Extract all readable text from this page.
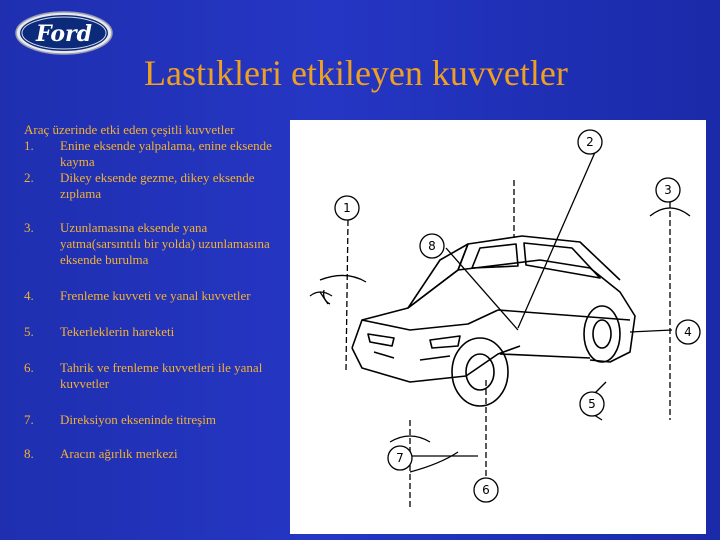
Ford
Lastıkleri etkileyen kuvvetler

Araç üzerinde etki eden çeşitli kuvvetler

1. Enine eksende yalpalama, enine eksende kayma
2. Dikey eksende gezme, dikey eksende zıplama
3. Uzunlamasına eksende yana yatma(sarsıntılı bir yolda) uzunlamasına eksende burulma
4. Frenleme kuvveti ve yanal kuvvetler
5. Tekerleklerin hareketi
6. Tahrik ve frenleme kuvvetleri ile yanal kuvvetler
7. Direksiyon ekseninde titreşim
8. Aracın ağırlık merkezi
1
2
3
4
5
6
7
8
